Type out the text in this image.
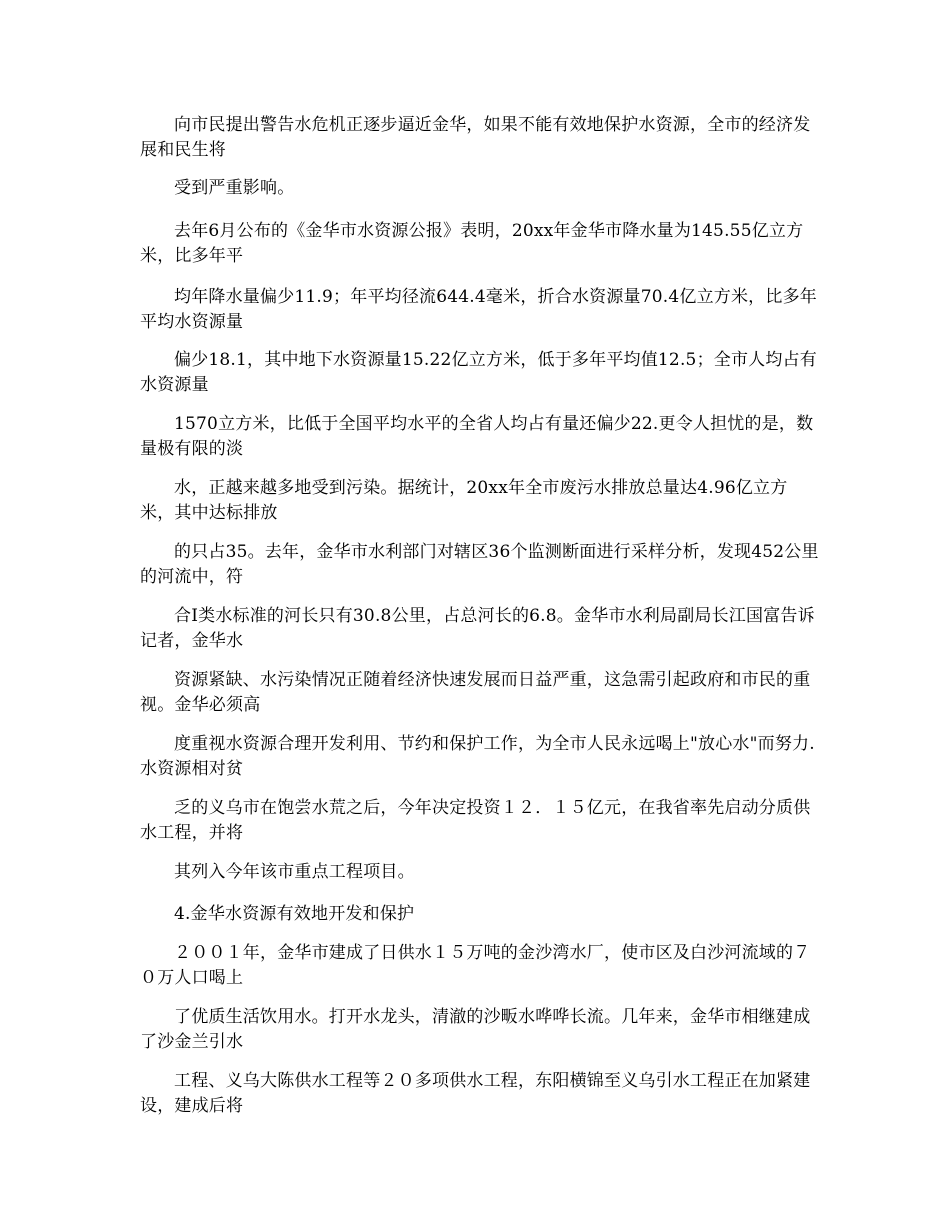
向市民提出警告水危机正逐步逼近金华，如果不能有效地保护水资源，全市的经济发展和民生将

受到严重影响。

去年6月公布的《金华市水资源公报》表明，20xx年金华市降水量为145.55亿立方米，比多年平

均年降水量偏少11.9；年平均径流644.4毫米，折合水资源量70.4亿立方米，比多年平均水资源量

偏少18.1，其中地下水资源量15.22亿立方米，低于多年平均值12.5；全市人均占有水资源量

1570立方米，比低于全国平均水平的全省人均占有量还偏少22.更令人担忧的是，数量极有限的淡

水，正越来越多地受到污染。据统计，20xx年全市废污水排放总量达4.96亿立方米，其中达标排放

的只占35。去年，金华市水利部门对辖区36个监测断面进行采样分析，发现452公里的河流中，符

合Ⅰ类水标准的河长只有30.8公里，占总河长的6.8。金华市水利局副局长江国富告诉记者，金华水

资源紧缺、水污染情况正随着经济快速发展而日益严重，这急需引起政府和市民的重视。金华必须高

度重视水资源合理开发利用、节约和保护工作，为全市人民永远喝上"放心水"而努力.水资源相对贫

乏的义乌市在饱尝水荒之后，今年决定投资１２．１５亿元，在我省率先启动分质供水工程，并将

其列入今年该市重点工程项目。

4.金华水资源有效地开发和保护

２００１年，金华市建成了日供水１５万吨的金沙湾水厂，使市区及白沙河流域的７０万人口喝上

了优质生活饮用水。打开水龙头，清澈的沙畈水哗哗长流。几年来，金华市相继建成了沙金兰引水

工程、义乌大陈供水工程等２０多项供水工程，东阳横锦至义乌引水工程正在加紧建设，建成后将
